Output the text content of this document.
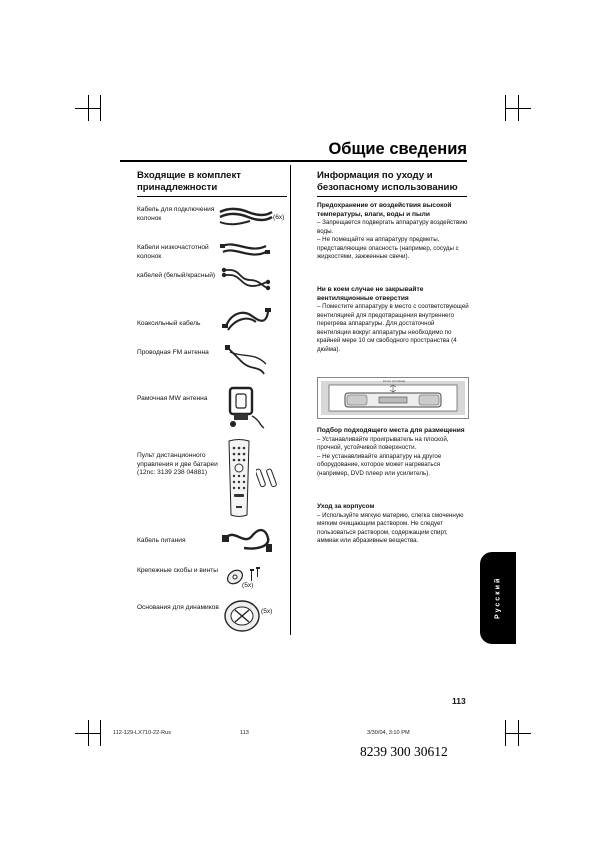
Общие сведения
Входящие в комплект принадлежности
Кабель для подключения колонок	(6x)
Кабели низкочастотной колонок
кабелей (белый/красный)
Коаксильный кабель
Проводная FM антенна
Рамочная MW антенна
Пульт дистанционного управления и две батареи (12nc: 3139 238 04881)
Кабель питания
Крепежные скобы и винты
(5x)
Основания для динамиков
(5x)
Информация по уходу и безопасному использованию
Предохранение от воздействия высокой температуры, влаги, воды и пыли

– Запрещается подвергать аппаратуру воздействию воды.

– Не помещайте на аппаратуру предметы, представляющие опасность (например, сосуды с жидкостями, зажженные свечи).

Ни в коем случае не закрывайте вентиляционные отверстия

– Поместите аппаратуру в место с соответствующей вентиляцией для предотвращения внутреннего перегрева аппаратуры. Для достаточной вентиляции вокруг аппаратуры необходимо по крайней мере 10 см свободного пространства (4 дюйма).

10 cm (4 inches)
Подбор подходящего места для размещения

– Устанавливайте проигрыватель на плоской, прочной, устойчивой поверхности.

– Не устанавливайте аппаратуру на другое оборудование, которое может нагреваться (например, DVD плеер или усилитель).

Уход за корпусом

– Используйте мягкую материю, слегка смоченную мягким очищающим раствором. Не следует пользоваться раствором, содержащим спирт, аммиак или абразивные вещества.

Русский
113
112-129-LX710-22-Rus	113	3/30/04, 3:10 PM
8239 300 30612
